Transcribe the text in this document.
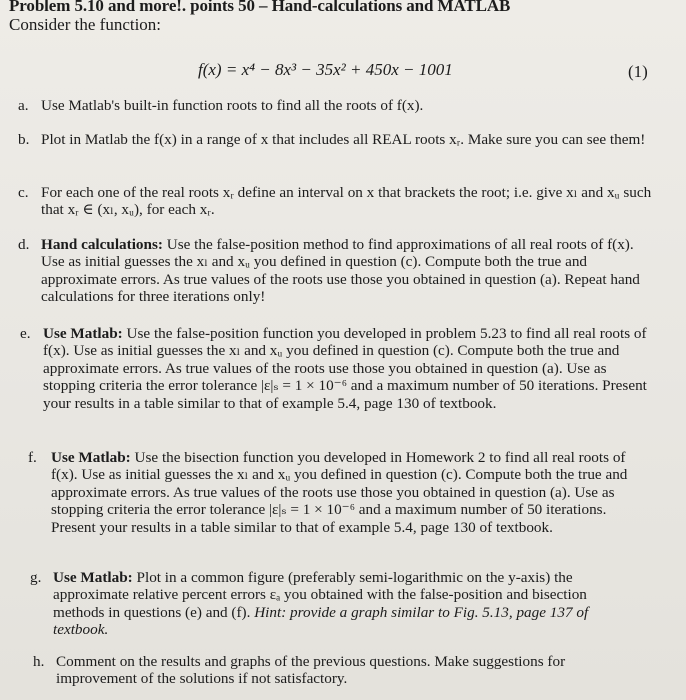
Problem 5.10 and more!. points 50 – Hand-calculations and MATLAB
Consider the function:
f(x) = x⁴ − 8x³ − 35x² + 450x − 1001	(1)
a. Use Matlab's built-in function roots to find all the roots of f(x).
b. Plot in Matlab the f(x) in a range of x that includes all REAL roots xᵣ. Make sure you can see them!
c. For each one of the real roots xᵣ define an interval on x that brackets the root; i.e. give xₗ and xᵤ such that xᵣ ∈ (xₗ, xᵤ), for each xᵣ.
d. Hand calculations: Use the false-position method to find approximations of all real roots of f(x). Use as initial guesses the xₗ and xᵤ you defined in question (c). Compute both the true and approximate errors. As true values of the roots use those you obtained in question (a). Repeat hand calculations for three iterations only!
e. Use Matlab: Use the false-position function you developed in problem 5.23 to find all real roots of f(x). Use as initial guesses the xₗ and xᵤ you defined in question (c). Compute both the true and approximate errors. As true values of the roots use those you obtained in question (a). Use as stopping criteria the error tolerance |ε|ₛ = 1 × 10⁻⁶ and a maximum number of 50 iterations. Present your results in a table similar to that of example 5.4, page 130 of textbook.
f. Use Matlab: Use the bisection function you developed in Homework 2 to find all real roots of f(x). Use as initial guesses the xₗ and xᵤ you defined in question (c). Compute both the true and approximate errors. As true values of the roots use those you obtained in question (a). Use as stopping criteria the error tolerance |ε|ₛ = 1 × 10⁻⁶ and a maximum number of 50 iterations. Present your results in a table similar to that of example 5.4, page 130 of textbook.
g. Use Matlab: Plot in a common figure (preferably semi-logarithmic on the y-axis) the approximate relative percent errors εₐ you obtained with the false-position and bisection methods in questions (e) and (f). Hint: provide a graph similar to Fig. 5.13, page 137 of textbook.
h. Comment on the results and graphs of the previous questions. Make suggestions for improvement of the solutions if not satisfactory.
